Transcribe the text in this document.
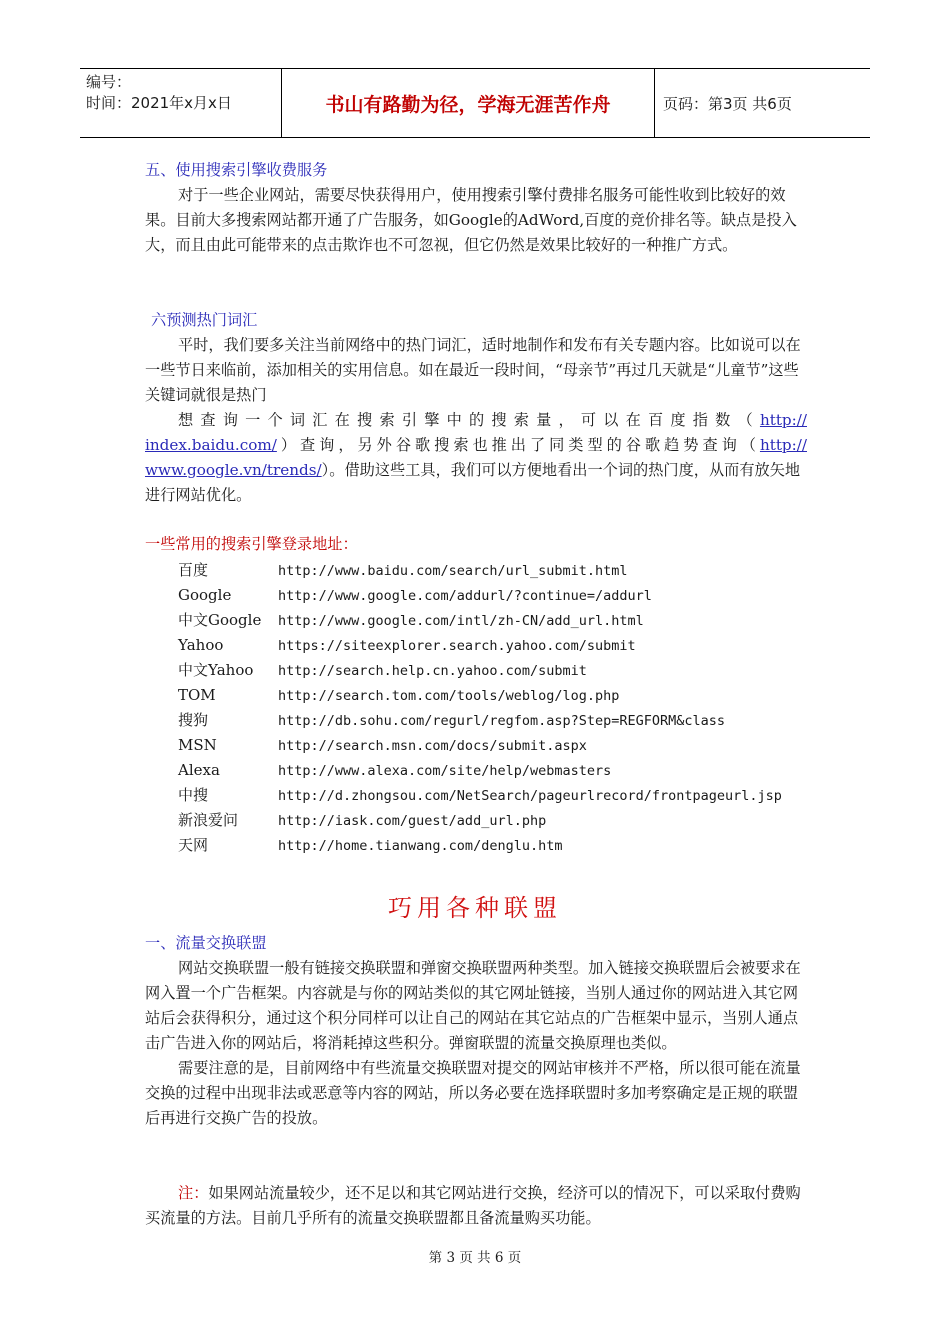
编号：
时间：2021年x月x日	书山有路勤为径，学海无涯苦作舟	页码：第3页 共6页

五、使用搜索引擎收费服务

对于一些企业网站，需要尽快获得用户，使用搜索引擎付费排名服务可能性收到比较好的效果。目前大多搜索网站都开通了广告服务，如Google的AdWord,百度的竞价排名等。缺点是投入大，而且由此可能带来的点击欺诈也不可忽视，但它仍然是效果比较好的一种推广方式。

六预测热门词汇

平时，我们要多关注当前网络中的热门词汇，适时地制作和发布有关专题内容。比如说可以在一些节日来临前，添加相关的实用信息。如在最近一段时间，“母亲节”再过几天就是“儿童节”这些关键词就很是热门

想查询一个词汇在搜索引擎中的搜索量，可以在百度指数（http://

index.baidu.com/）查询，另外谷歌搜索也推出了同类型的谷歌趋势查询（http://

www.google.vn/trends/）。借助这些工具，我们可以方便地看出一个词的热门度，从而有放矢地进行网站优化。

一些常用的搜索引擎登录地址：

百度	http://www.baidu.com/search/url_submit.html
Google	http://www.google.com/addurl/?continue=/addurl
中文Google http://www.google.com/intl/zh-CN/add_url.html
Yahoo	https://siteexplorer.search.yahoo.com/submit
中文Yahoo http://search.help.cn.yahoo.com/submit
TOM	http://search.tom.com/tools/weblog/log.php
搜狗	http://db.sohu.com/regurl/regfom.asp?Step=REGFORM&class
MSN	http://search.msn.com/docs/submit.aspx
Alexa	http://www.alexa.com/site/help/webmasters
中搜	http://d.zhongsou.com/NetSearch/pageurlrecord/frontpageurl.jsp
新浪爱问	http://iask.com/guest/add_url.php
天网	http://home.tianwang.com/denglu.htm
巧用各种联盟

一、流量交换联盟

网站交换联盟一般有链接交换联盟和弹窗交换联盟两种类型。加入链接交换联盟后会被要求在网入置一个广告框架。内容就是与你的网站类似的其它网址链接，当别人通过你的网站进入其它网站后会获得积分，通过这个积分同样可以让自己的网站在其它站点的广告框架中显示，当别人通点击广告进入你的网站后，将消耗掉这些积分。弹窗联盟的流量交换原理也类似。

需要注意的是，目前网络中有些流量交换联盟对提交的网站审核并不严格，所以很可能在流量交换的过程中出现非法或恶意等内容的网站，所以务必要在选择联盟时多加考察确定是正规的联盟后再进行交换广告的投放。

注：如果网站流量较少，还不足以和其它网站进行交换，经济可以的情况下，可以采取付费购买流量的方法。目前几乎所有的流量交换联盟都且备流量购买功能。

第 3 页 共 6 页
